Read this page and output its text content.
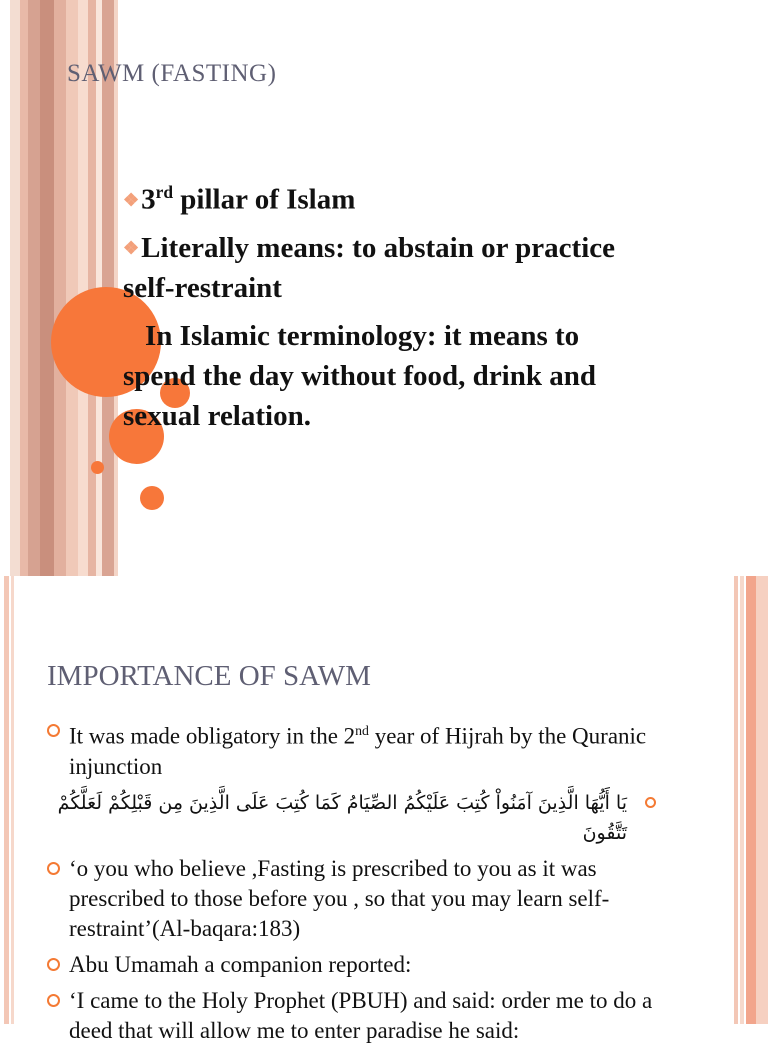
SAWM (FASTING)

❖3rd pillar of Islam

❖Literally means: to abstain or practice self-restraint

In Islamic terminology: it means to spend the day without food, drink and sexual relation.

IMPORTANCE OF SAWM
It was made obligatory in the 2nd year of Hijrah by the Quranic injunction
يَا أَيُّهَا الَّذِينَ آمَنُواْ كُتِبَ عَلَيْكُمُ الصِّيَامُ كَمَا كُتِبَ عَلَى الَّذِينَ مِن قَبْلِكُمْ لَعَلَّكُمْ تَتَّقُونَ
‘o you who believe ,Fasting is prescribed to you as it was prescribed to those before you , so that you may learn self-restraint’(Al-baqara:183)
Abu Umamah a companion reported:
‘I came to the Holy Prophet (PBUH) and said: order me to do a deed that will allow me to enter paradise he said:
